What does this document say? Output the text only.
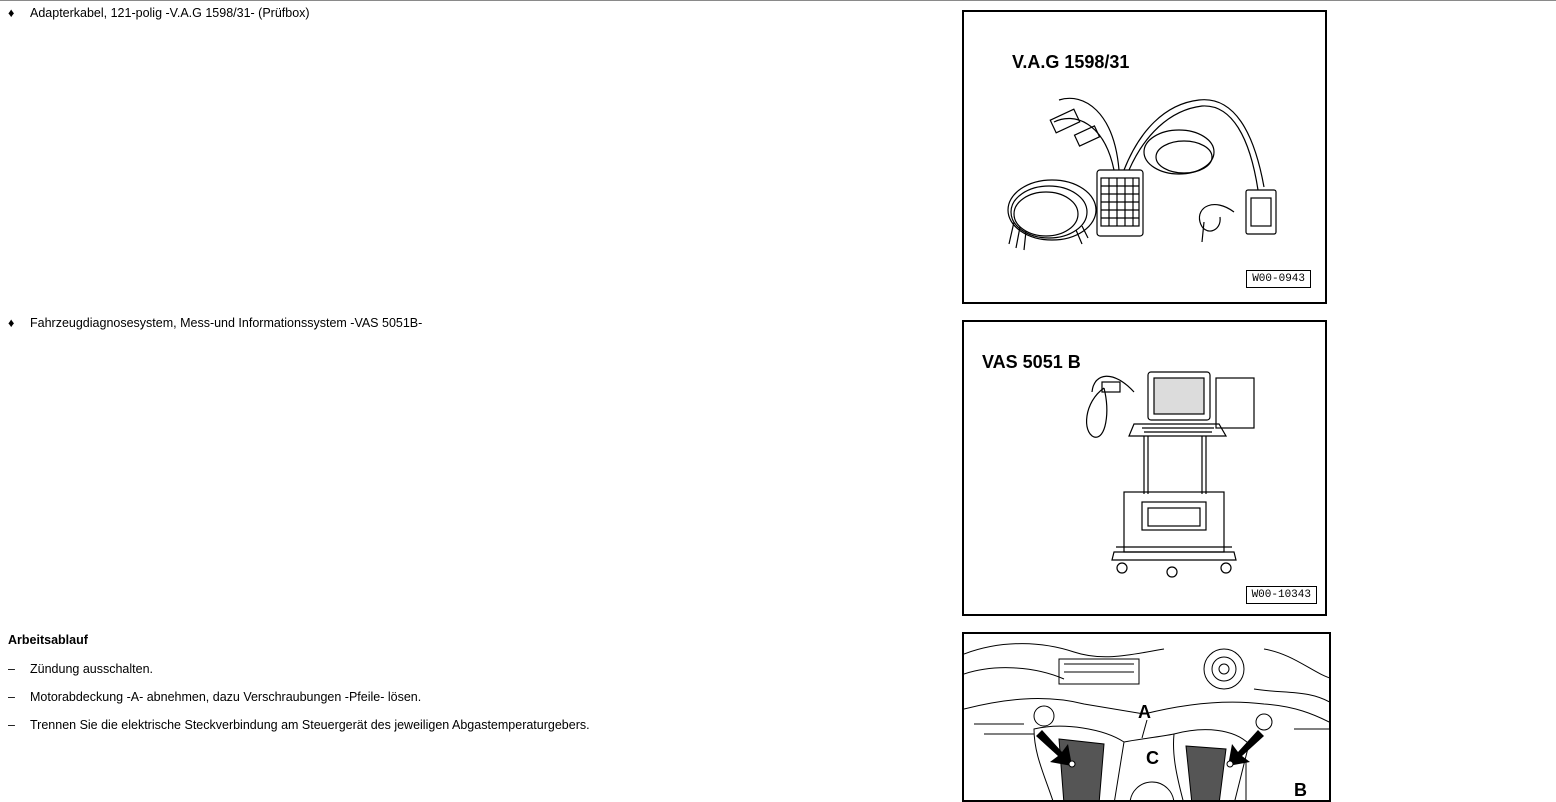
♦ Adapterkabel, 121-polig -V.A.G 1598/31- (Prüfbox)
V.A.G 1598/31
W00-0943
♦ Fahrzeugdiagnosesystem, Mess-und Informationssystem -VAS 5051B-
VAS 5051 B
W00-10343
Arbeitsablauf
– Zündung ausschalten.
– Motorabdeckung -A- abnehmen, dazu Verschraubungen -Pfeile- lösen.
– Trennen Sie die elektrische Steckverbindung am Steuergerät des jeweiligen Abgastemperaturgebers.
A
C
B
